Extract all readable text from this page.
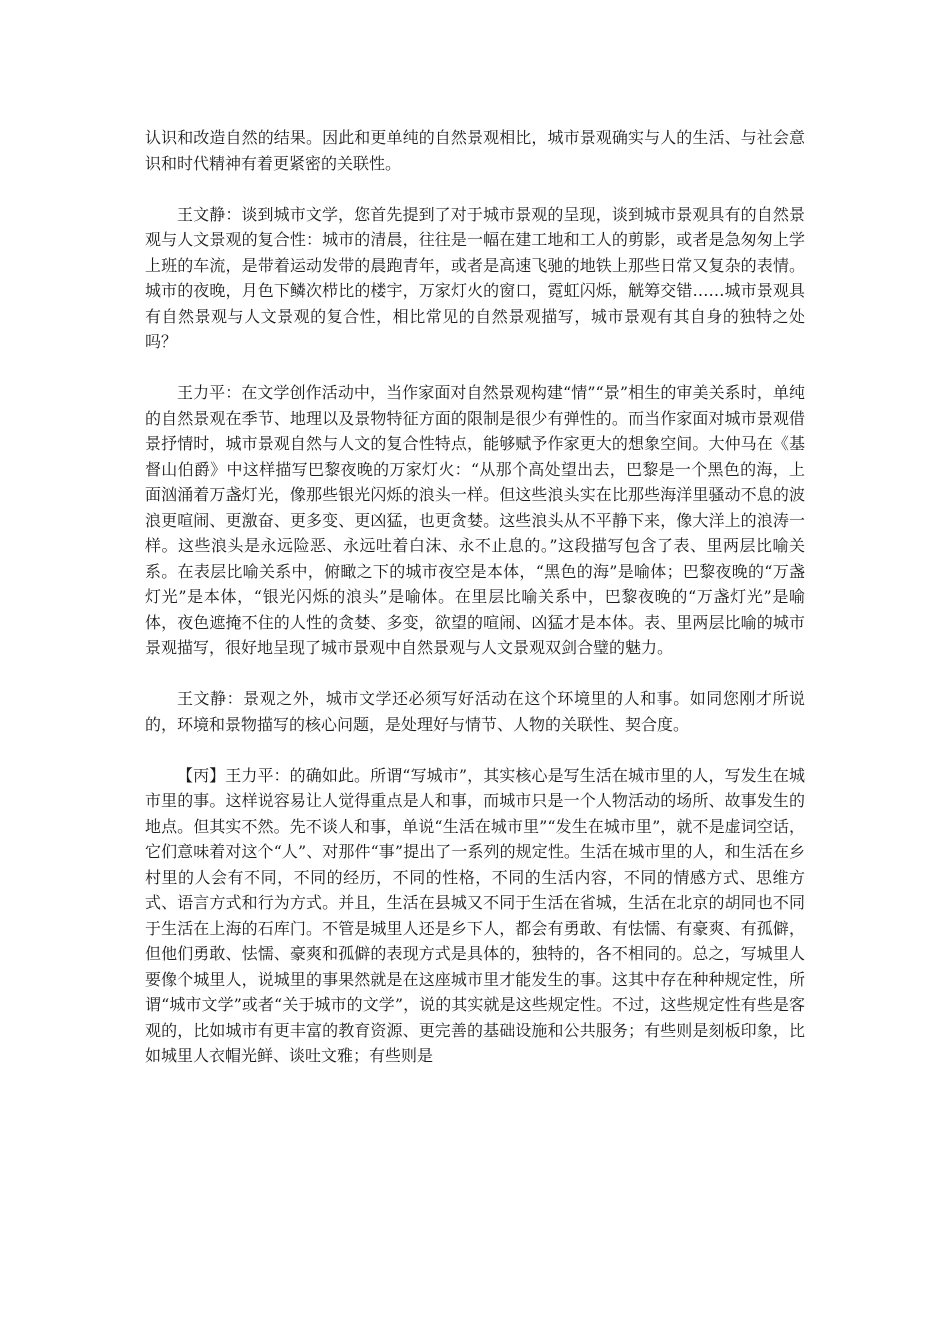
认识和改造自然的结果。因此和更单纯的自然景观相比，城市景观确实与人的生活、与社会意识和时代精神有着更紧密的关联性。

王文静：谈到城市文学，您首先提到了对于城市景观的呈现，谈到城市景观具有的自然景观与人文景观的复合性：城市的清晨，往往是一幅在建工地和工人的剪影，或者是急匆匆上学上班的车流，是带着运动发带的晨跑青年，或者是高速飞驰的地铁上那些日常又复杂的表情。城市的夜晚，月色下鳞次栉比的楼宇，万家灯火的窗口，霓虹闪烁，觥筹交错……城市景观具有自然景观与人文景观的复合性，相比常见的自然景观描写，城市景观有其自身的独特之处吗？

王力平：在文学创作活动中，当作家面对自然景观构建“情”“景”相生的审美关系时，单纯的自然景观在季节、地理以及景物特征方面的限制是很少有弹性的。而当作家面对城市景观借景抒情时，城市景观自然与人文的复合性特点，能够赋予作家更大的想象空间。大仲马在《基督山伯爵》中这样描写巴黎夜晚的万家灯火：“从那个高处望出去，巴黎是一个黑色的海，上面汹涌着万盏灯光，像那些银光闪烁的浪头一样。但这些浪头实在比那些海洋里骚动不息的波浪更喧闹、更激奋、更多变、更凶猛，也更贪婪。这些浪头从不平静下来，像大洋上的浪涛一样。这些浪头是永远险恶、永远吐着白沫、永不止息的。”这段描写包含了表、里两层比喻关系。在表层比喻关系中，俯瞰之下的城市夜空是本体，“黑色的海”是喻体；巴黎夜晚的“万盏灯光”是本体，“银光闪烁的浪头”是喻体。在里层比喻关系中，巴黎夜晚的“万盏灯光”是喻体，夜色遮掩不住的人性的贪婪、多变，欲望的喧闹、凶猛才是本体。表、里两层比喻的城市景观描写，很好地呈现了城市景观中自然景观与人文景观双剑合璧的魅力。

王文静：景观之外，城市文学还必须写好活动在这个环境里的人和事。如同您刚才所说的，环境和景物描写的核心问题，是处理好与情节、人物的关联性、契合度。

【丙】王力平：的确如此。所谓“写城市”，其实核心是写生活在城市里的人，写发生在城市里的事。这样说容易让人觉得重点是人和事，而城市只是一个人物活动的场所、故事发生的地点。但其实不然。先不谈人和事，单说“生活在城市里”“发生在城市里”，就不是虚词空话，它们意味着对这个“人”、对那件“事”提出了一系列的规定性。生活在城市里的人，和生活在乡村里的人会有不同，不同的经历，不同的性格，不同的生活内容，不同的情感方式、思维方式、语言方式和行为方式。并且，生活在县城又不同于生活在省城，生活在北京的胡同也不同于生活在上海的石库门。不管是城里人还是乡下人，都会有勇敢、有怯懦、有豪爽、有孤僻，但他们勇敢、怯懦、豪爽和孤僻的表现方式是具体的，独特的，各不相同的。总之，写城里人要像个城里人，说城里的事果然就是在这座城市里才能发生的事。这其中存在种种规定性，所谓“城市文学”或者“关于城市的文学”，说的其实就是这些规定性。不过，这些规定性有些是客观的，比如城市有更丰富的教育资源、更完善的基础设施和公共服务；有些则是刻板印象，比如城里人衣帽光鲜、谈吐文雅；有些则是
